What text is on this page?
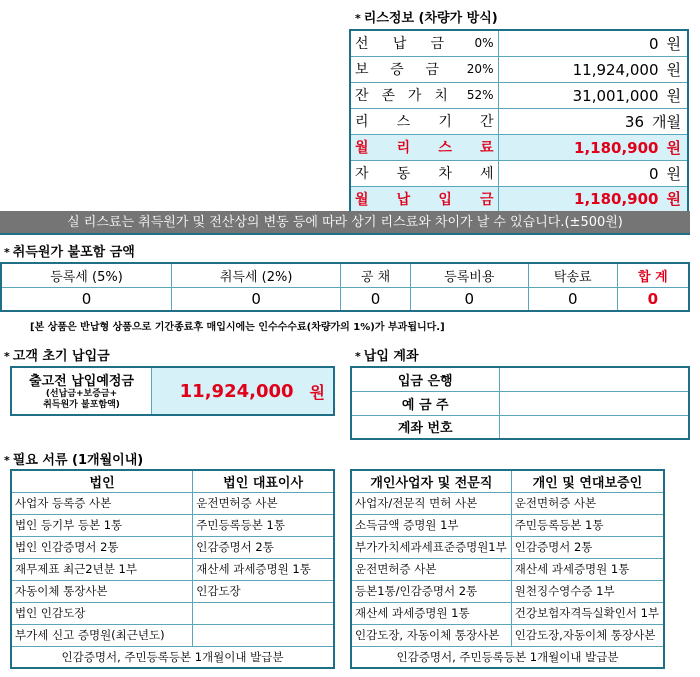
* 리스정보 (차량가 방식)
선 납 금 0%	0 원

보 증 금 20%	11,924,000 원

잔 존 가 치 52%	31,001,000 원

리 스 기 간	36 개월

월 리 스 료	1,180,900 원

자 동 차 세	0 원

월 납 입 금	1,180,900 원
실 리스료는 취득원가 및 전산상의 변동 등에 따라 상기 리스료와 차이가 날 수 있습니다.(±500원)
* 취득원가 불포함 금액
등록세 (5%)	취득세 (2%)	공 채	등록비용	탁송료	합 계
0	0	0	0	0	0
[본 상품은 반납형 상품으로 기간종료후 매입시에는 인수수수료(차량가의 1%)가 부과됩니다.]
* 고객 초기 납입금
출고전 납입예정금
(선납금+보증금+
취득원가 불포함액)
11,924,000 원
* 납입 계좌
입금 은행	
예 금 주	
계좌 번호	
* 필요 서류 (1개월이내)
법인	법인 대표이사
사업자 등록증 사본	운전면허증 사본
법인 등기부 등본 1통	주민등록등본 1통
법인 인감증명서 2통	인감증명서 2통
재무제표 최근2년분 1부	재산세 과세증명원 1통
자동이체 통장사본	인감도장
법인 인감도장	
부가세 신고 증명원(최근년도)	
인감증명서, 주민등록등본 1개월이내 발급분	
개인사업자 및 전문직	개인 및 연대보증인
사업자/전문직 면허 사본	운전면허증 사본
소득금액 증명원 1부	주민등록등본 1통
부가가치세과세표준증명원1부	인감증명서 2통
운전면허증 사본	재산세 과세증명원 1통
등본1통/인감증명서 2통	원천징수영수증 1부
재산세 과세증명원 1통	건강보험자격득실확인서 1부
인감도장, 자동이체 통장사본	인감도장,자동이체 통장사본
인감증명서, 주민등록등본 1개월이내 발급분	
